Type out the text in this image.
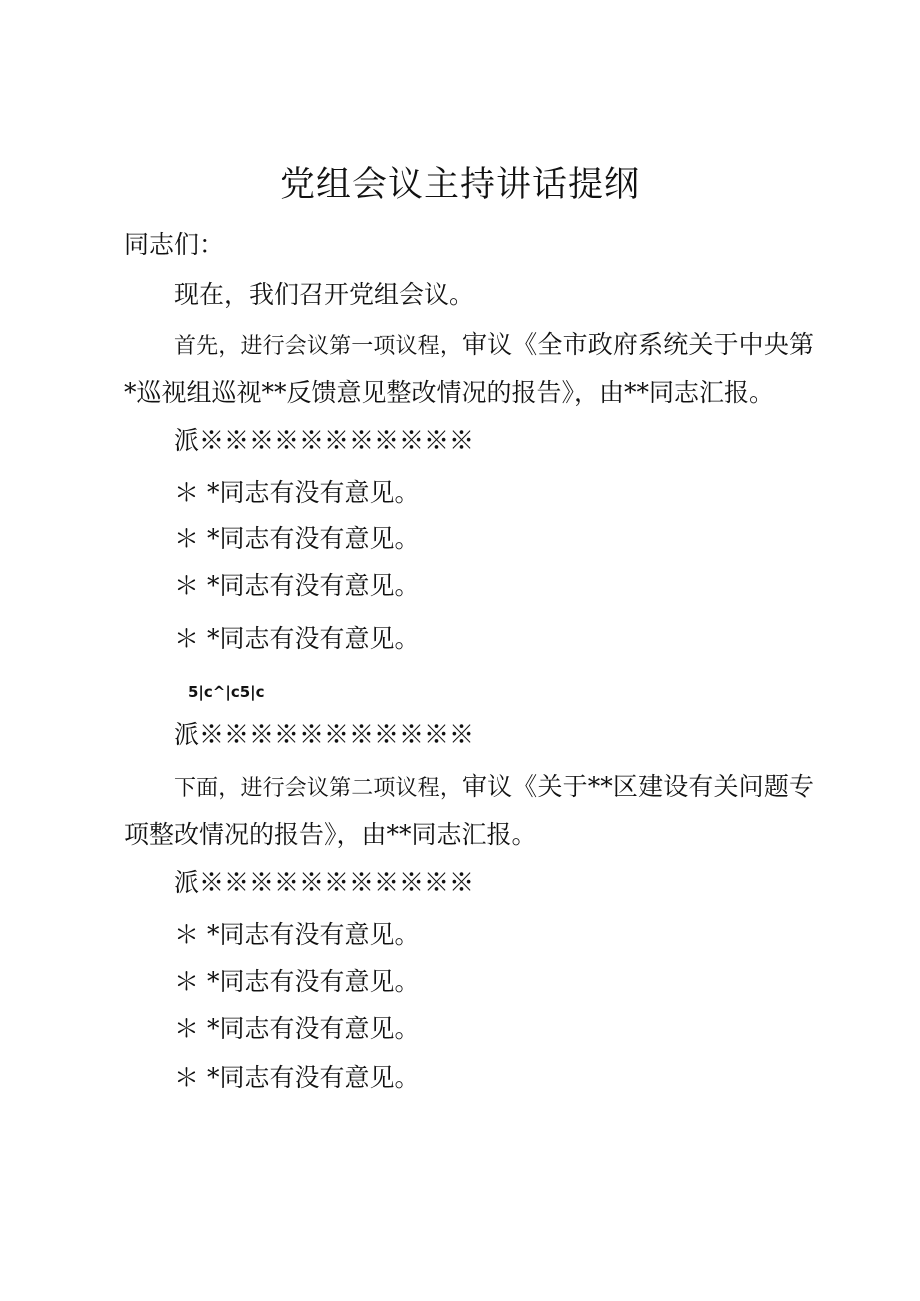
党组会议主持讲话提纲
同志们：
现在，我们召开党组会议。
首先，进行会议第一项议程，审议《全市政府系统关于中央第*巡视组巡视**反馈意见整改情况的报告》，由**同志汇报。
派※※※※※※※※※※※
＊ *同志有没有意见。
＊ *同志有没有意见。
＊ *同志有没有意见。
＊ *同志有没有意见。
5|c^|c5|c
派※※※※※※※※※※※
下面，进行会议第二项议程，审议《关于**区建设有关问题专项整改情况的报告》，由**同志汇报。
派※※※※※※※※※※※
＊ *同志有没有意见。
＊ *同志有没有意见。
＊ *同志有没有意见。
＊ *同志有没有意见。
